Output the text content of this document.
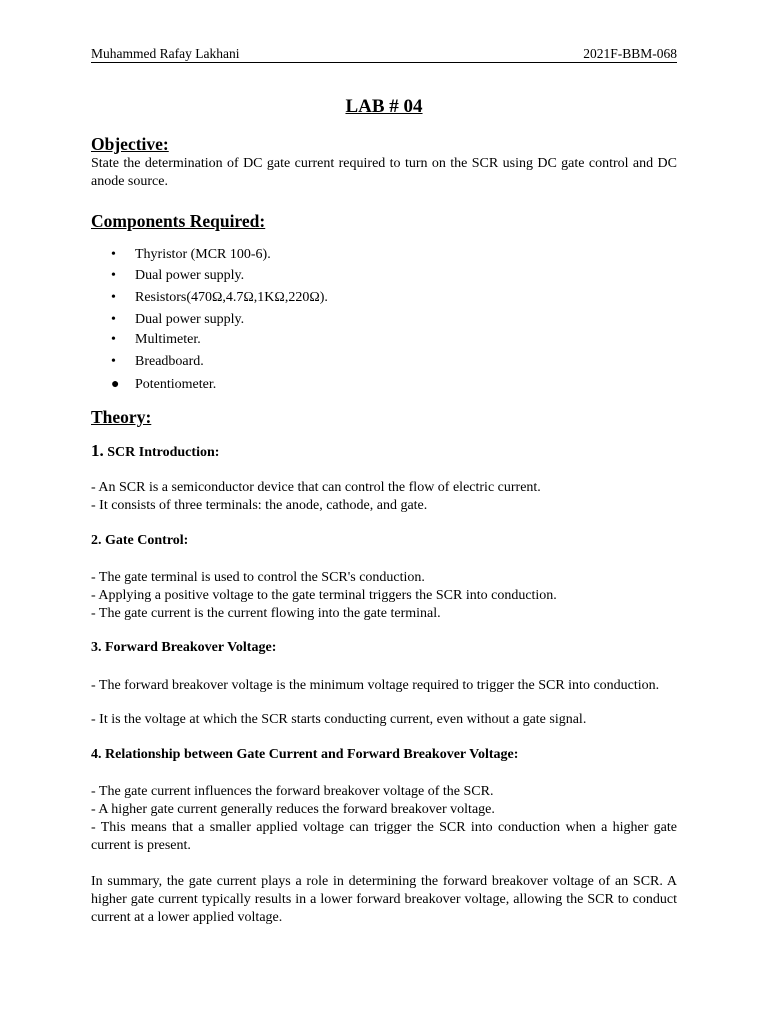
Muhammed Rafay Lakhani	2021F-BBM-068
LAB # 04
Objective:
State the determination of DC gate current required to turn on the SCR using DC gate control and DC anode source.
Components Required:
• Thyristor (MCR 100-6).
• Dual power supply.
• Resistors(470Ω,4.7Ω,1KΩ,220Ω).
• Dual power supply.
• Multimeter.
• Breadboard.
● Potentiometer.
Theory:
1. SCR Introduction:
- An SCR is a semiconductor device that can control the flow of electric current.
- It consists of three terminals: the anode, cathode, and gate.
2. Gate Control:
- The gate terminal is used to control the SCR's conduction.
- Applying a positive voltage to the gate terminal triggers the SCR into conduction.
- The gate current is the current flowing into the gate terminal.
3. Forward Breakover Voltage:
- The forward breakover voltage is the minimum voltage required to trigger the SCR into conduction.
- It is the voltage at which the SCR starts conducting current, even without a gate signal.
4. Relationship between Gate Current and Forward Breakover Voltage:
- The gate current influences the forward breakover voltage of the SCR.
- A higher gate current generally reduces the forward breakover voltage.
- This means that a smaller applied voltage can trigger the SCR into conduction when a higher gate current is present.
In summary, the gate current plays a role in determining the forward breakover voltage of an SCR. A higher gate current typically results in a lower forward breakover voltage, allowing the SCR to conduct current at a lower applied voltage.
